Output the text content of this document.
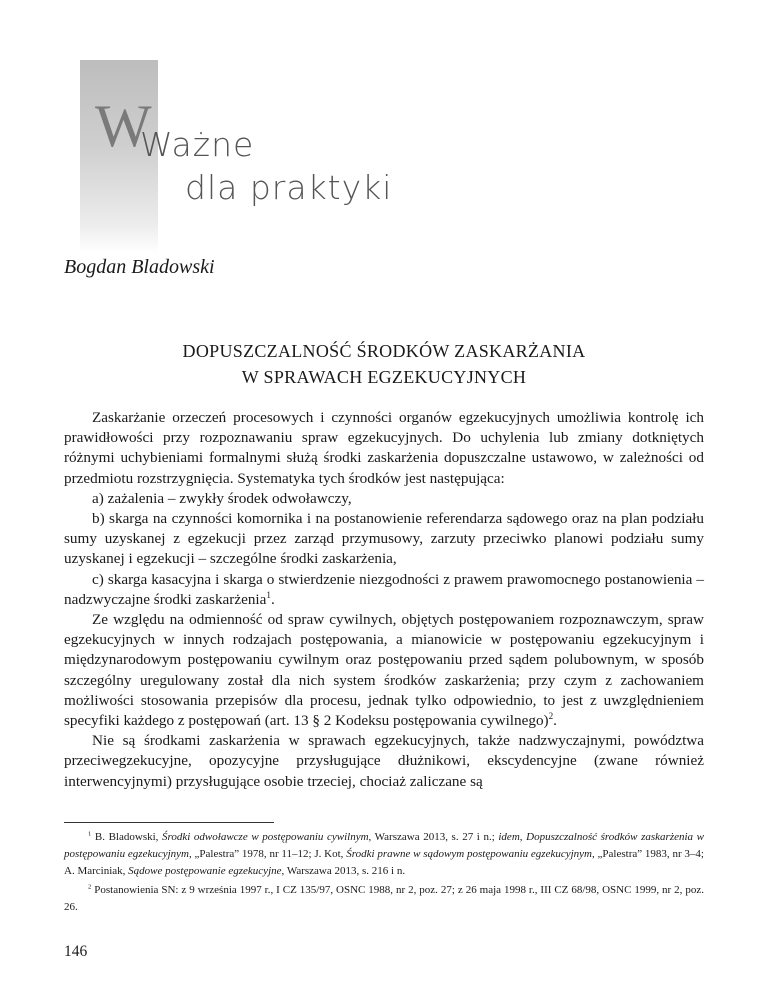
W
Ważne
dla praktyki
Bogdan Bladowski
DOPUSZCZALNOŚĆ ŚRODKÓW ZASKARŻANIA
W SPRAWACH EGZEKUCYJNYCH

Zaskarżanie orzeczeń procesowych i czynności organów egzekucyjnych umożliwia kontrolę ich prawidłowości przy rozpoznawaniu spraw egzekucyjnych. Do uchylenia lub zmiany dotkniętych różnymi uchybieniami formalnymi służą środki zaskarżenia dopuszczalne ustawowo, w zależności od przedmiotu rozstrzygnięcia. Systematyka tych środków jest następująca:

a) zażalenia – zwykły środek odwoławczy,

b) skarga na czynności komornika i na postanowienie referendarza sądowego oraz na plan podziału sumy uzyskanej z egzekucji przez zarząd przymusowy, zarzuty przeciwko planowi podziału sumy uzyskanej i egzekucji – szczególne środki zaskarżenia,

c) skarga kasacyjna i skarga o stwierdzenie niezgodności z prawem prawomocnego postanowienia – nadzwyczajne środki zaskarżenia$^1$.

Ze względu na odmienność od spraw cywilnych, objętych postępowaniem rozpoznawczym, spraw egzekucyjnych w innych rodzajach postępowania, a mianowicie w postępowaniu egzekucyjnym i międzynarodowym postępowaniu cywilnym oraz postępowaniu przed sądem polubownym, w sposób szczególny uregulowany został dla nich system środków zaskarżenia; przy czym z zachowaniem możliwości stosowania przepisów dla procesu, jednak tylko odpowiednio, to jest z uwzględnieniem specyfiki każdego z postępowań (art. 13 § 2 Kodeksu postępowania cywilnego)$^2$.

Nie są środkami zaskarżenia w sprawach egzekucyjnych, także nadzwyczajnymi, powództwa przeciwegzekucyjne, opozycyjne przysługujące dłużnikowi, ekscydencyjne (zwane również interwencyjnymi) przysługujące osobie trzeciej, chociaż zaliczane są

$^1$ B. Bladowski, Środki odwoławcze w postępowaniu cywilnym, Warszawa 2013, s. 27 i n.; idem, Dopuszczalność środków zaskarżenia w postępowaniu egzekucyjnym, „Palestra” 1978, nr 11–12; J. Kot, Środki prawne w sądowym postępowaniu egzekucyjnym, „Palestra” 1983, nr 3–4; A. Marciniak, Sądowe postępowanie egzekucyjne, Warszawa 2013, s. 216 i n.

$^2$ Postanowienia SN: z 9 września 1997 r., I CZ 135/97, OSNC 1988, nr 2, poz. 27; z 26 maja 1998 r., III CZ 68/98, OSNC 1999, nr 2, poz. 26.

146
